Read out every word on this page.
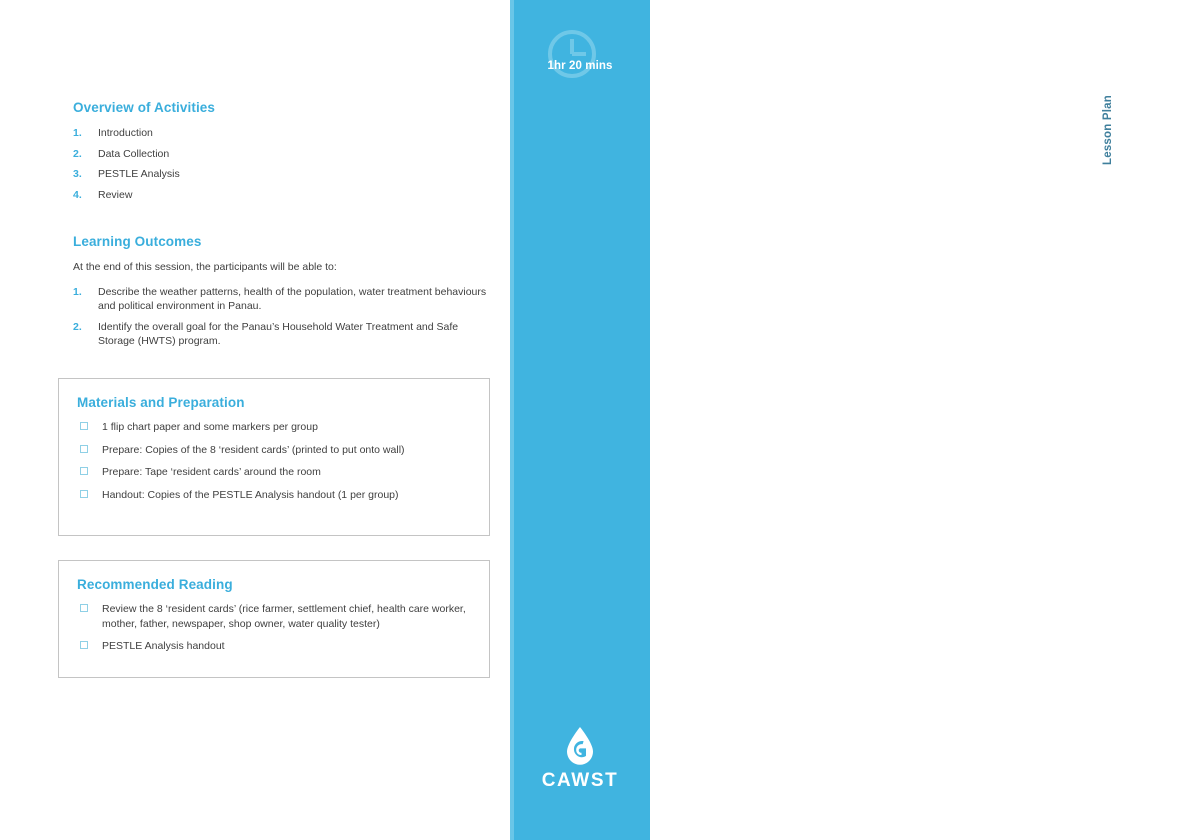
1hr 20 mins
Lesson Plan Panau HWTS Program Design
CAWST
Overview of Activities
1. Introduction
2. Data Collection
3. PESTLE Analysis
4. Review
Learning Outcomes

At the end of this session, the participants will be able to:

1. Describe the weather patterns, health of the population, water treatment behaviours and political environment in Panau.
2. Identify the overall goal for the Panau’s Household Water Treatment and Safe Storage (HWTS) program.
Materials and Preparation
1 flip chart paper and some markers per group
Prepare: Copies of the 8 ‘resident cards’ (printed to put onto wall)
Prepare: Tape ‘resident cards’ around the room
Handout: Copies of the PESTLE Analysis handout (1 per group)
Recommended Reading
Review the 8 ‘resident cards’ (rice farmer, settlement chief, health care worker, mother, father, newspaper, shop owner, water quality tester)
PESTLE Analysis handout
